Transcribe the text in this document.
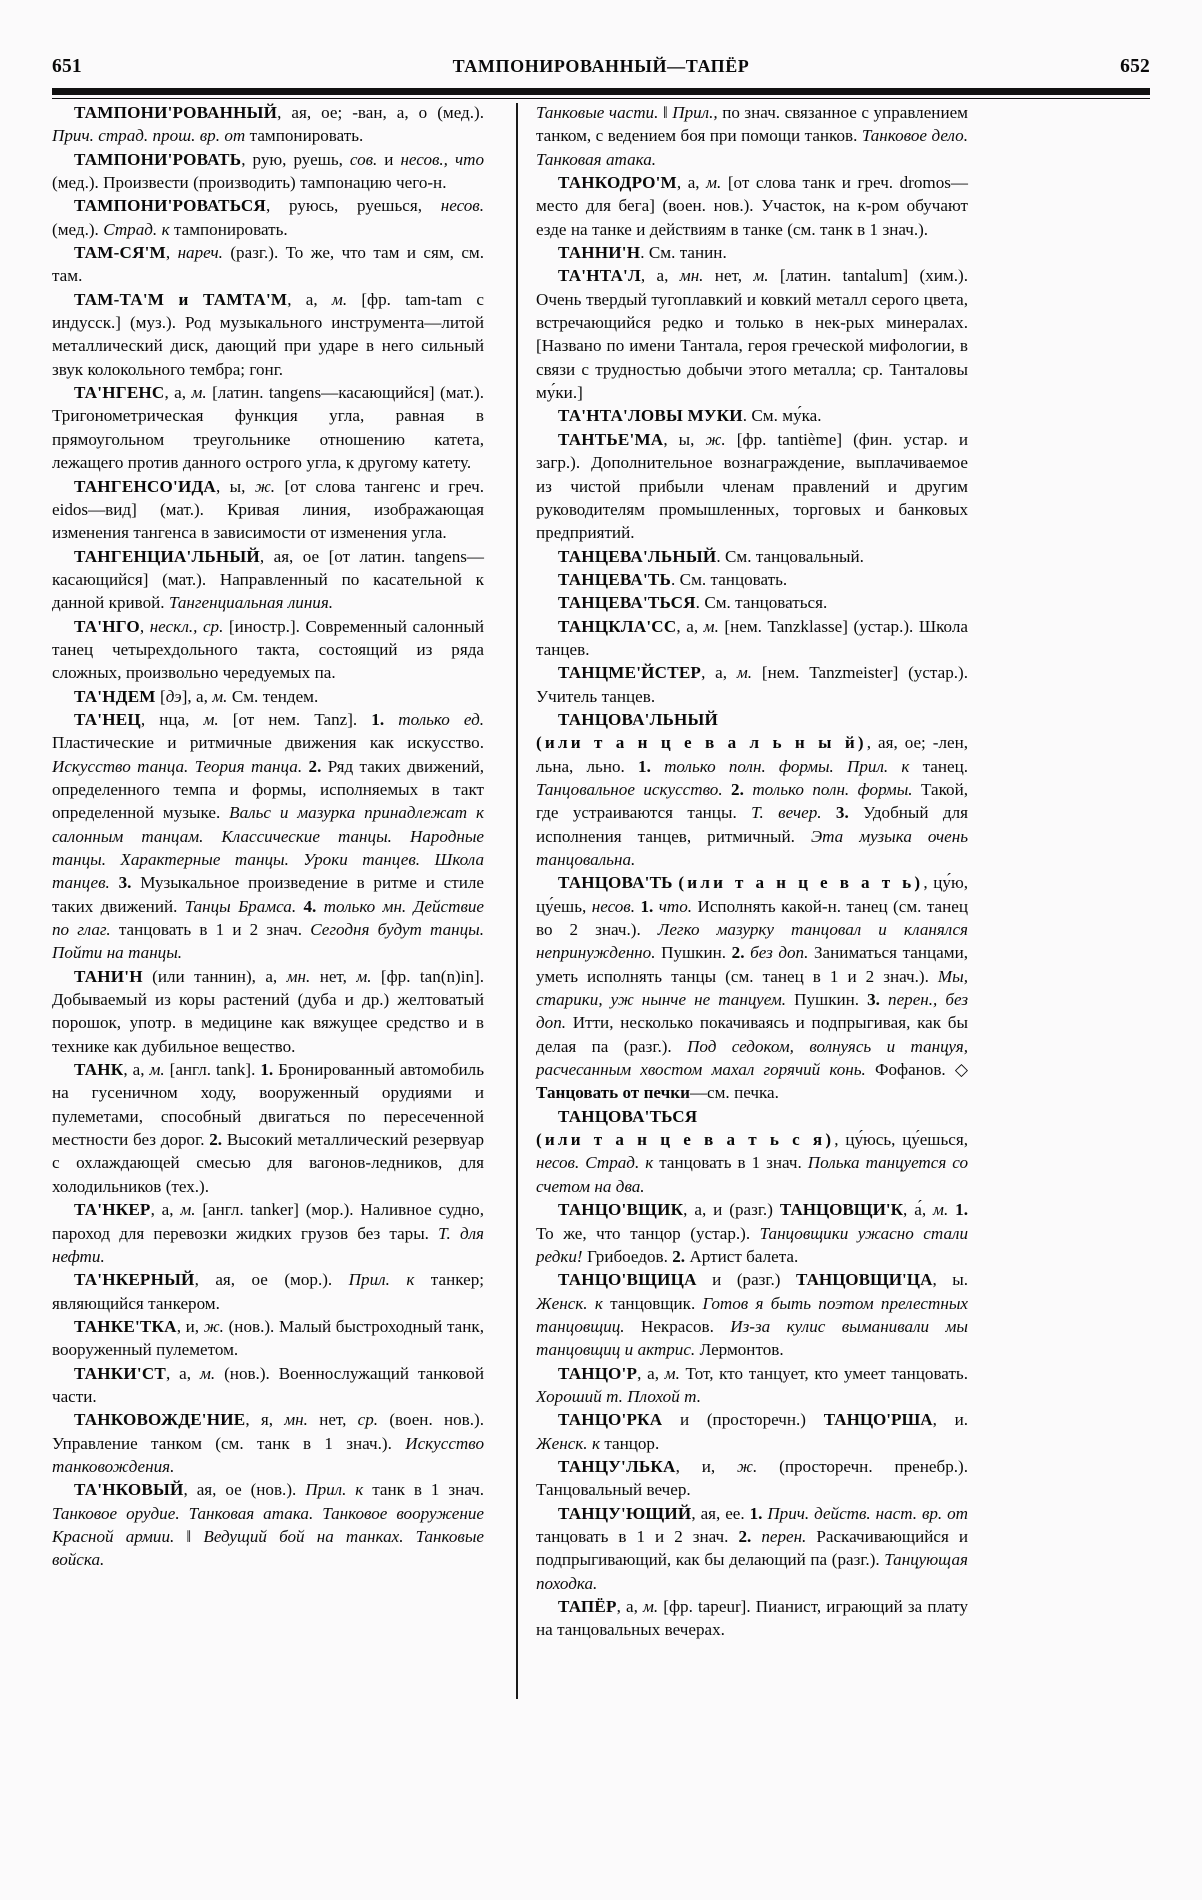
651	ТАМПОНИРОВАННЫЙ—ТАПЁР	652

ТАМПОНИ'РОВАННЫЙ, ая, ое; -ван, а, о (мед.). Прич. страд. прош. вр. от тампонировать.

ТАМПОНИ'РОВАТЬ, рую, руешь, сов. и несов., что (мед.). Произвести (производить) тампонацию чего-н.

ТАМПОНИ'РОВАТЬСЯ, руюсь, руешься, несов. (мед.). Страд. к тампонировать.

ТАМ-СЯ'М, нареч. (разг.). То же, что там и сям, см. там.

ТАМ-ТА'М и ТАМТА'М, а, м. [фр. tam-tam с индусск.] (муз.). Род музыкального инструмента—литой металлический диск, дающий при ударе в него сильный звук колокольного тембра; гонг.

ТА'НГЕНС, а, м. [латин. tangens—касающийся] (мат.). Тригонометрическая функция угла, равная в прямоугольном треугольнике отношению катета, лежащего против данного острого угла, к другому катету.

ТАНГЕНСО'ИДА, ы, ж. [от слова тангенс и греч. eidos—вид] (мат.). Кривая линия, изображающая изменения тангенса в зависимости от изменения угла.

ТАНГЕНЦИА'ЛЬНЫЙ, ая, ое [от латин. tangens—касающийся] (мат.). Направленный по касательной к данной кривой. Тангенциальная линия.

ТА'НГО, нескл., ср. [иностр.]. Современный салонный танец четырехдольного такта, состоящий из ряда сложных, произвольно чередуемых па.

ТА'НДЕМ [дэ], а, м. См. тендем.

ТА'НЕЦ, нца, м. [от нем. Tanz]. 1. только ед. Пластические и ритмичные движения как искусство. Искусство танца. Теория танца. 2. Ряд таких движений, определенного темпа и формы, исполняемых в такт определенной музыке. Вальс и мазурка принадлежат к салонным танцам. Классические танцы. Народные танцы. Характерные танцы. Уроки танцев. Школа танцев. 3. Музыкальное произведение в ритме и стиле таких движений. Танцы Брамса. 4. только мн. Действие по глаг. танцовать в 1 и 2 знач. Сегодня будут танцы. Пойти на танцы.

ТАНИ'Н (или таннин), а, мн. нет, м. [фр. tan(n)in]. Добываемый из коры растений (дуба и др.) желтоватый порошок, употр. в медицине как вяжущее средство и в технике как дубильное вещество.

ТАНК, а, м. [англ. tank]. 1. Бронированный автомобиль на гусеничном ходу, вооруженный орудиями и пулеметами, способный двигаться по пересеченной местности без дорог. 2. Высокий металлический резервуар с охлаждающей смесью для вагонов-ледников, для холодильников (тех.).

ТА'НКЕР, а, м. [англ. tanker] (мор.). Наливное судно, пароход для перевозки жидких грузов без тары. Т. для нефти.

ТА'НКЕРНЫЙ, ая, ое (мор.). Прил. к танкер; являющийся танкером.

ТАНКЕ'ТКА, и, ж. (нов.). Малый быстроходный танк, вооруженный пулеметом.

ТАНКИ'СТ, а, м. (нов.). Военнослужащий танковой части.

ТАНКОВОЖДЕ'НИЕ, я, мн. нет, ср. (воен. нов.). Управление танком (см. танк в 1 знач.). Искусство танковождения.

ТА'НКОВЫЙ, ая, ое (нов.). Прил. к танк в 1 знач. Танковое орудие. Танковая атака. Танковое вооружение Красной армии. ‖ Ведущий бой на танках. Танковые войска.

Танковые части. ‖ Прил., по знач. связанное с управлением танком, с ведением боя при помощи танков. Танковое дело. Танковая атака.

ТАНКОДРО'М, а, м. [от слова танк и греч. dromos—место для бега] (воен. нов.). Участок, на к-ром обучают езде на танке и действиям в танке (см. танк в 1 знач.).

ТАННИ'Н. См. танин.

ТА'НТА'Л, а, мн. нет, м. [латин. tantalum] (хим.). Очень твердый тугоплавкий и ковкий металл серого цвета, встречающийся редко и только в нек-рых минералах. [Названо по имени Тантала, героя греческой мифологии, в связи с трудностью добычи этого металла; ср. Танталовы му́ки.]

ТА'НТА'ЛОВЫ МУКИ. См. му́ка.

ТАНТЬЕ'МА, ы, ж. [фр. tantième] (фин. устар. и загр.). Дополнительное вознаграждение, выплачиваемое из чистой прибыли членам правлений и другим руководителям промышленных, торговых и банковых предприятий.

ТАНЦЕВА'ЛЬНЫЙ. См. танцовальный.

ТАНЦЕВА'ТЬ. См. танцовать.

ТАНЦЕВА'ТЬСЯ. См. танцоваться.

ТАНЦКЛА'СС, а, м. [нем. Tanzklasse] (устар.). Школа танцев.

ТАНЦМЕ'ЙСТЕР, а, м. [нем. Tanzmeister] (устар.). Учитель танцев.

ТАНЦОВА'ЛЬНЫЙ (или т а н ц е в а л ь н ы й), ая, ое; -лен, льна, льно. 1. только полн. формы. Прил. к танец. Танцовальное искусство. 2. только полн. формы. Такой, где устраиваются танцы. Т. вечер. 3. Удобный для исполнения танцев, ритмичный. Эта музыка очень танцовальна.

ТАНЦОВА'ТЬ (или т а н ц е в а т ь), цу́ю, цу́ешь, несов. 1. что. Исполнять какой-н. танец (см. танец во 2 знач.). Легко мазурку танцовал и кланялся непринужденно. Пушкин. 2. без доп. Заниматься танцами, уметь исполнять танцы (см. танец в 1 и 2 знач.). Мы, старики, уж нынче не танцуем. Пушкин. 3. перен., без доп. Итти, несколько покачиваясь и подпрыгивая, как бы делая па (разг.). Под седоком, волнуясь и танцуя, расчесанным хвостом махал горячий конь. Фофанов. ◇ Танцовать от печки—см. печка.

ТАНЦОВА'ТЬСЯ (или т а н ц е в а т ь с я), цу́юсь, цу́ешься, несов. Страд. к танцовать в 1 знач. Полька танцуется со счетом на два.

ТАНЦО'ВЩИК, а, и (разг.) ТАНЦОВЩИ'К, а́, м. 1. То же, что танцор (устар.). Танцовщики ужасно стали редки! Грибоедов. 2. Артист балета.

ТАНЦО'ВЩИЦА и (разг.) ТАНЦОВЩИ'ЦА, ы. Женск. к танцовщик. Готов я быть поэтом прелестных танцовщиц. Некрасов. Из-за кулис выманивали мы танцовщиц и актрис. Лермонтов.

ТАНЦО'Р, а, м. Тот, кто танцует, кто умеет танцовать. Хороший т. Плохой т.

ТАНЦО'РКА и (просторечн.) ТАНЦО'РША, и. Женск. к танцор.

ТАНЦУ'ЛЬКА, и, ж. (просторечн. пренебр.). Танцовальный вечер.

ТАНЦУ'ЮЩИЙ, ая, ее. 1. Прич. действ. наст. вр. от танцовать в 1 и 2 знач. 2. перен. Раскачивающийся и подпрыгивающий, как бы делающий па (разг.). Танцующая походка.

ТАПЁР, а, м. [фр. tapeur]. Пианист, играющий за плату на танцовальных вечерах.
